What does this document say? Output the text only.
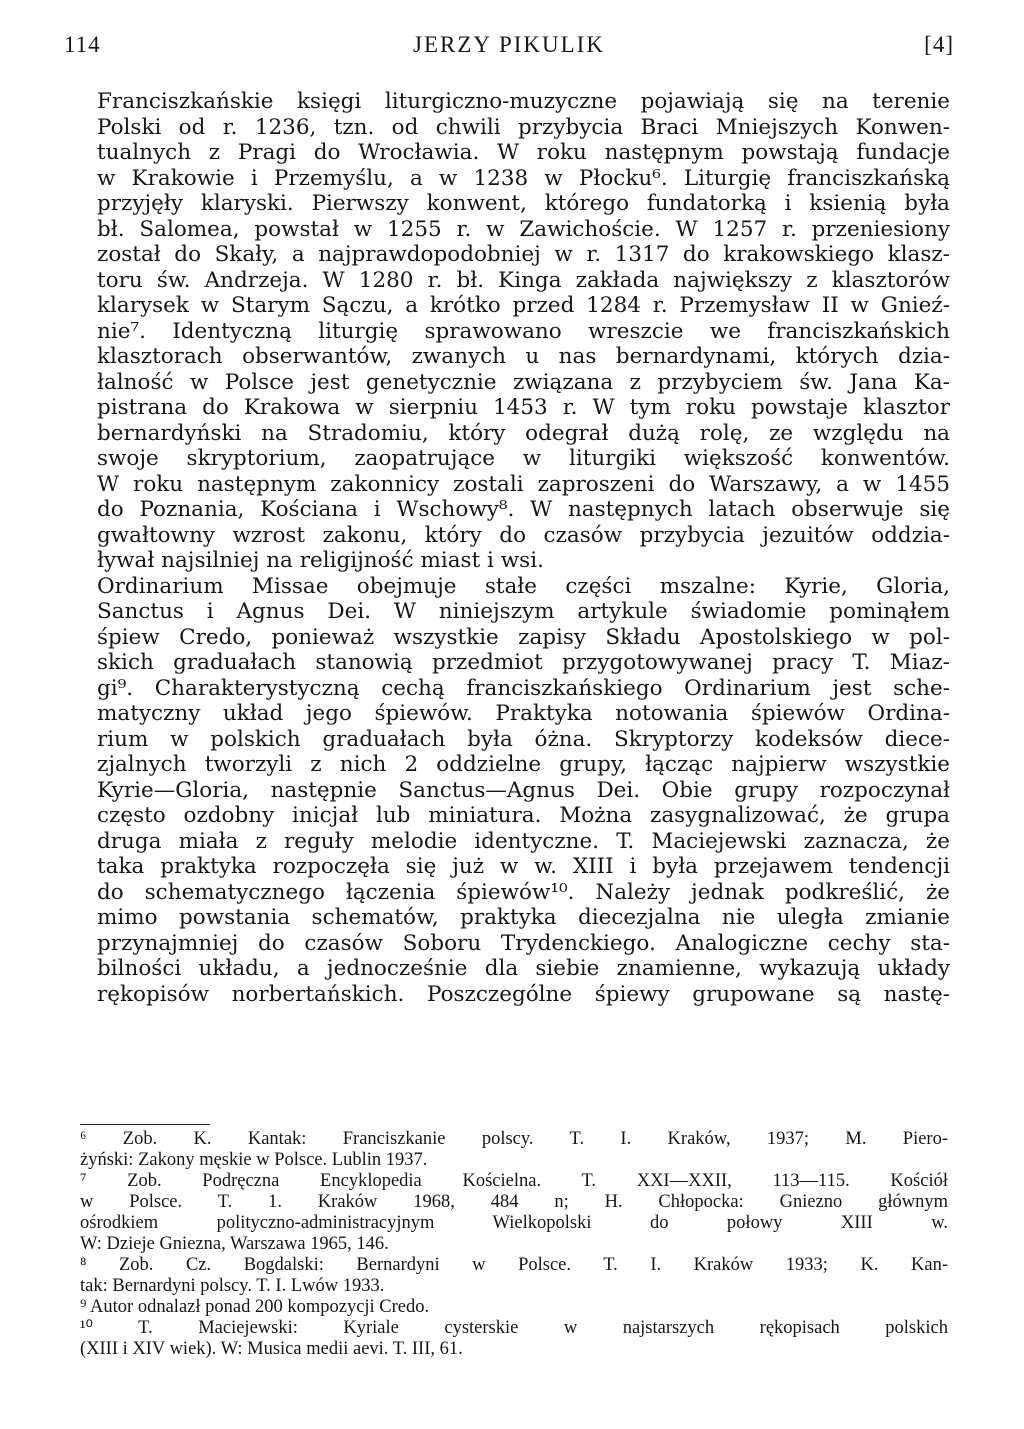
114	JERZY PIKULIK	[4]
Franciszkańskie księgi liturgiczno-muzyczne pojawiają się na terenie
Polski od r. 1236, tzn. od chwili przybycia Braci Mniejszych Konwen-
tualnych z Pragi do Wrocławia. W roku następnym powstają fundacje
w Krakowie i Przemyślu, a w 1238 w Płocku⁶. Liturgię franciszkańską
przyjęły klaryski. Pierwszy konwent, którego fundatorką i ksienią była
bł. Salomea, powstał w 1255 r. w Zawichoście. W 1257 r. przeniesiony
został do Skały, a najprawdopodobniej w r. 1317 do krakowskiego klasz-
toru św. Andrzeja. W 1280 r. bł. Kinga zakłada największy z klasztorów
klarysek w Starym Sączu, a krótko przed 1284 r. Przemysław II w Gnieź-
nie⁷. Identyczną liturgię sprawowano wreszcie we franciszkańskich
klasztorach obserwantów, zwanych u nas bernardynami, których dzia-
łalność w Polsce jest genetycznie związana z przybyciem św. Jana Ka-
pistrana do Krakowa w sierpniu 1453 r. W tym roku powstaje klasztor
bernardyński na Stradomiu, który odegrał dużą rolę, ze względu na
swoje skryptorium, zaopatrujące w liturgiki większość konwentów.
W roku następnym zakonnicy zostali zaproszeni do Warszawy, a w 1455
do Poznania, Kościana i Wschowy⁸. W następnych latach obserwuje się
gwałtowny wzrost zakonu, który do czasów przybycia jezuitów oddzia-
ływał najsilniej na religijność miast i wsi.
Ordinarium Missae obejmuje stałe części mszalne: Kyrie, Gloria,
Sanctus i Agnus Dei. W niniejszym artykule świadomie pominąłem
śpiew Credo, ponieważ wszystkie zapisy Składu Apostolskiego w pol-
skich graduałach stanowią przedmiot przygotowywanej pracy T. Miaz-
gi⁹. Charakterystyczną cechą franciszkańskiego Ordinarium jest sche-
matyczny układ jego śpiewów. Praktyka notowania śpiewów Ordina-
rium w polskich graduałach była óżna. Skryptorzy kodeksów diece-
zjalnych tworzyli z nich 2 oddzielne grupy, łącząc najpierw wszystkie
Kyrie—Gloria, następnie Sanctus—Agnus Dei. Obie grupy rozpoczynał
często ozdobny inicjał lub miniatura. Można zasygnalizować, że grupa
druga miała z reguły melodie identyczne. T. Maciejewski zaznacza, że
taka praktyka rozpoczęła się już w w. XIII i była przejawem tendencji
do schematycznego łączenia śpiewów¹⁰. Należy jednak podkreślić, że
mimo powstania schematów, praktyka diecezjalna nie uległa zmianie
przynajmniej do czasów Soboru Trydenckiego. Analogiczne cechy sta-
bilności układu, a jednocześnie dla siebie znamienne, wykazują układy
rękopisów norbertańskich. Poszczególne śpiewy grupowane są nastę-
⁶ Zob. K. Kantak: Franciszkanie polscy. T. I. Kraków, 1937; M. Piero-
żyński: Zakony męskie w Polsce. Lublin 1937.
⁷ Zob. Podręczna Encyklopedia Kościelna. T. XXI—XXII, 113—115. Kościół
w Polsce. T. 1. Kraków 1968, 484 n; H. Chłopocka: Gniezno głównym
ośrodkiem polityczno-administracyjnym Wielkopolski do połowy XIII w.
W: Dzieje Gniezna, Warszawa 1965, 146.
⁸ Zob. Cz. Bogdalski: Bernardyni w Polsce. T. I. Kraków 1933; K. Kan-
tak: Bernardyni polscy. T. I. Lwów 1933.
⁹ Autor odnalazł ponad 200 kompozycji Credo.
¹⁰ T. Maciejewski: Kyriale cysterskie w najstarszych rękopisach polskich
(XIII i XIV wiek). W: Musica medii aevi. T. III, 61.
